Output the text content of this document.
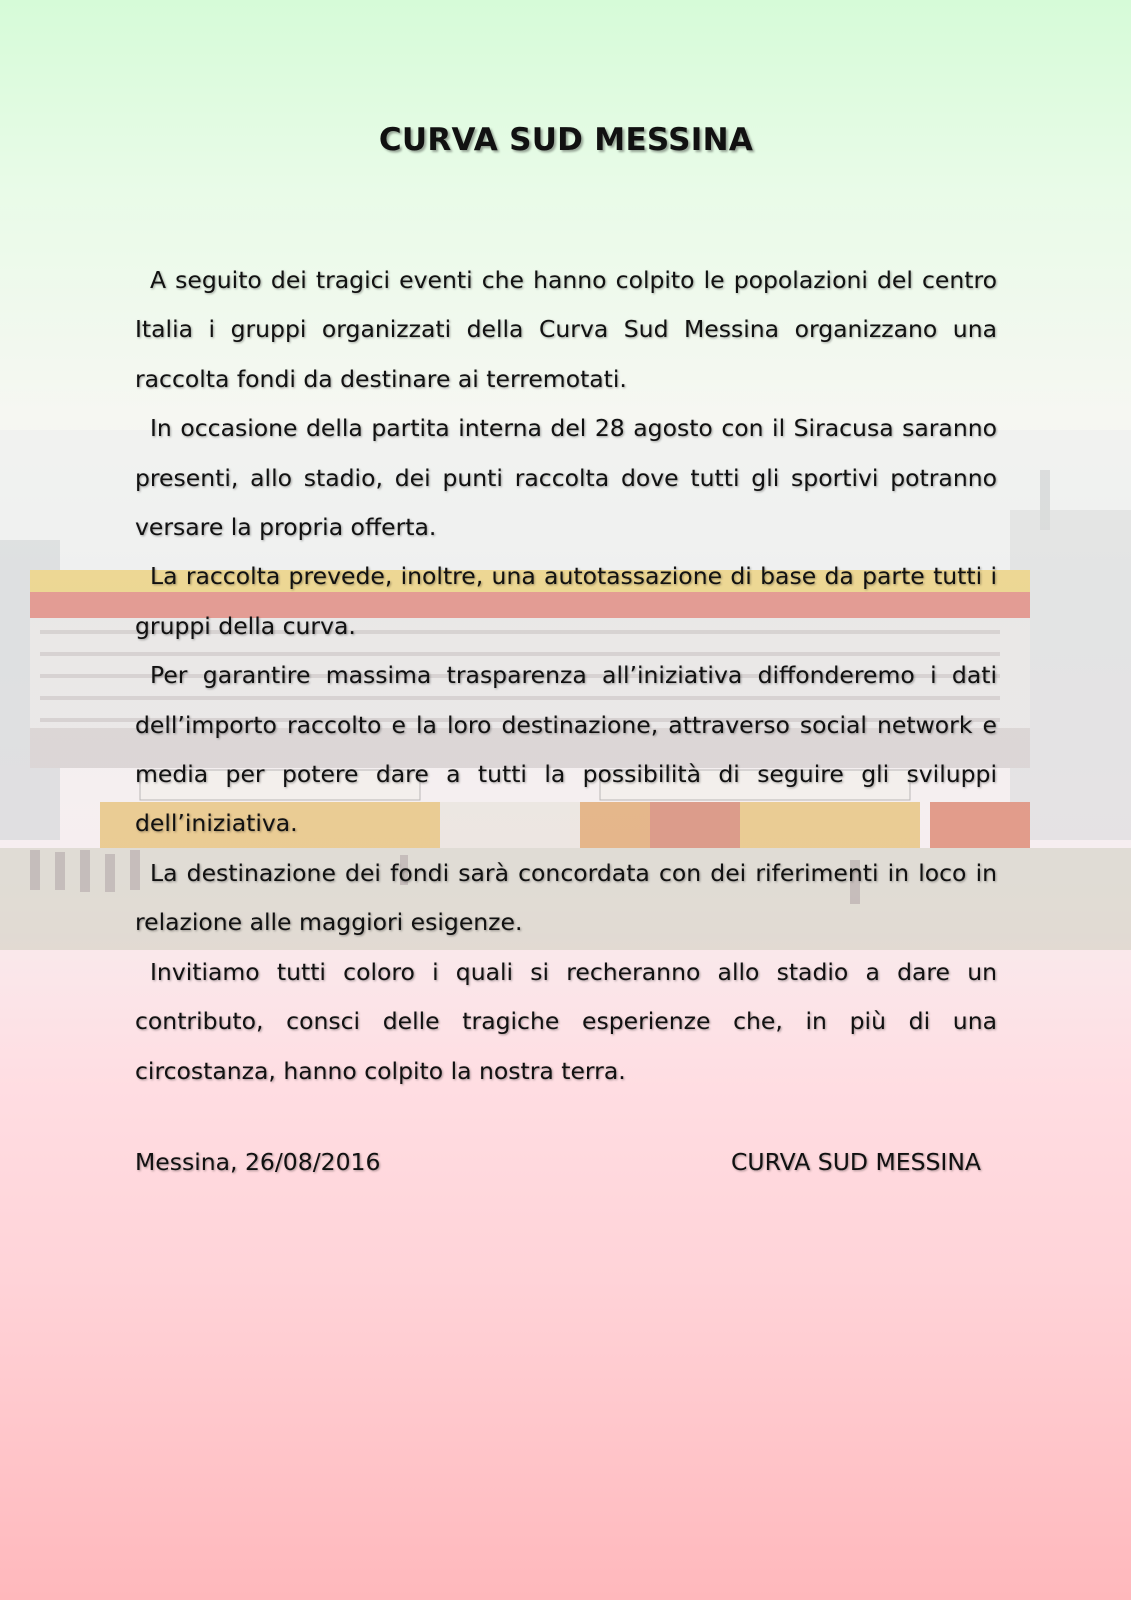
CURVA SUD MESSINA

A seguito dei tragici eventi che hanno colpito le popolazioni del centro Italia i gruppi organizzati della Curva Sud Messina organizzano una raccolta fondi da destinare ai terremotati.

In occasione della partita interna del 28 agosto con il Siracusa saranno presenti, allo stadio, dei punti raccolta dove tutti gli sportivi potranno versare la propria offerta.

La raccolta prevede, inoltre, una autotassazione di base da parte tutti i gruppi della curva.

Per garantire massima trasparenza all’iniziativa diffonderemo i dati dell’importo raccolto e la loro destinazione, attraverso social network e media per potere dare a tutti la possibilità di seguire gli sviluppi dell’iniziativa.

La destinazione dei fondi sarà concordata con dei riferimenti in loco in relazione alle maggiori esigenze.

Invitiamo tutti coloro i quali si recheranno allo stadio a dare un contributo, consci delle tragiche esperienze che, in più di una circostanza, hanno colpito la nostra terra.

Messina, 26/08/2016	CURVA SUD MESSINA
